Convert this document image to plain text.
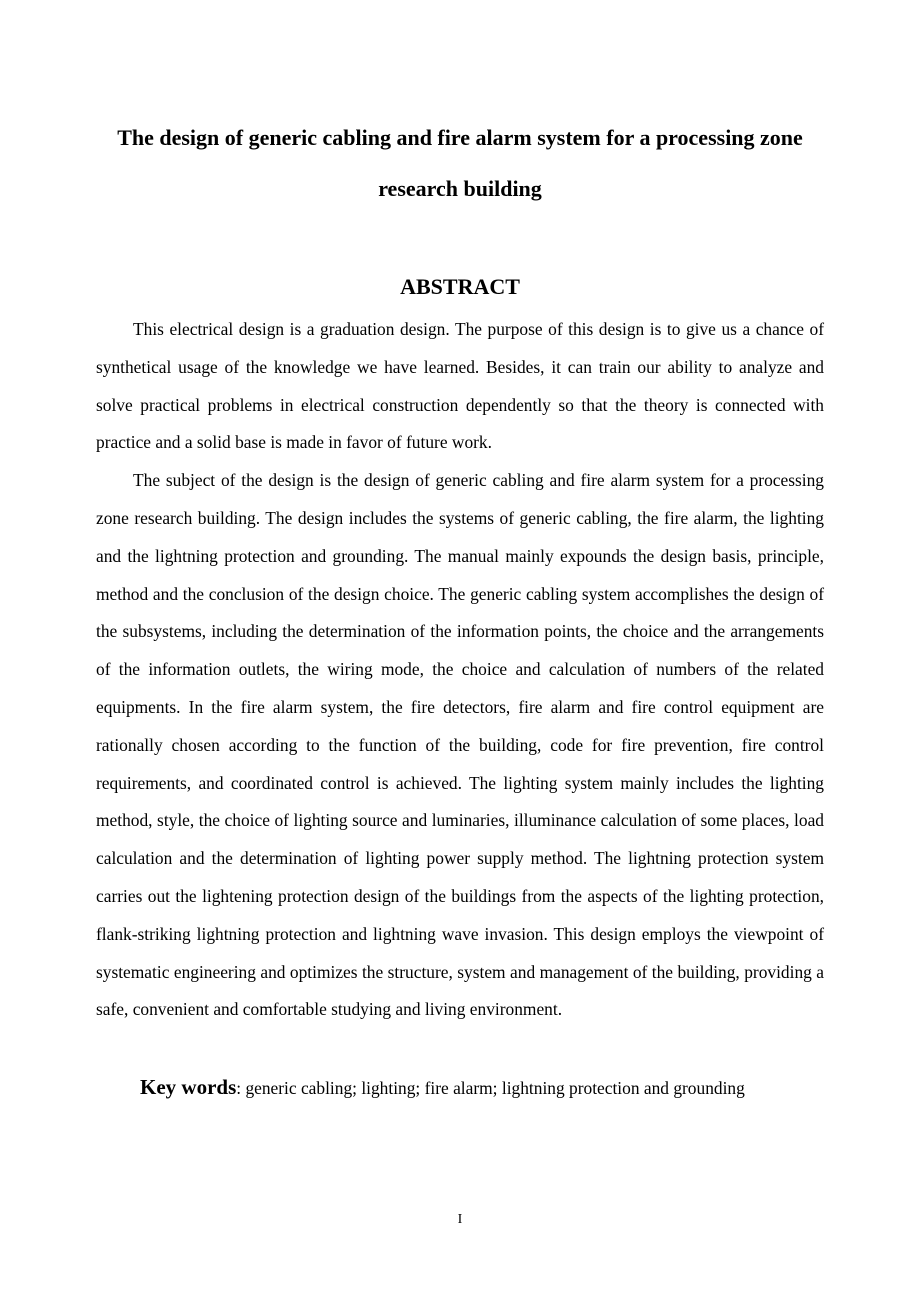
The design of generic cabling and fire alarm system for a processing zone
research building
ABSTRACT

This electrical design is a graduation design. The purpose of this design is to give us a chance of synthetical usage of the knowledge we have learned. Besides, it can train our ability to analyze and solve practical problems in electrical construction dependently so that the theory is connected with practice and a solid base is made in favor of future work.

The subject of the design is the design of generic cabling and fire alarm system for a processing zone research building. The design includes the systems of generic cabling, the fire alarm, the lighting and the lightning protection and grounding. The manual mainly expounds the design basis, principle, method and the conclusion of the design choice. The generic cabling system accomplishes the design of the subsystems, including the determination of the information points, the choice and the arrangements of the information outlets, the wiring mode, the choice and calculation of numbers of the related equipments. In the fire alarm system, the fire detectors, fire alarm and fire control equipment are rationally chosen according to the function of the building, code for fire prevention, fire control requirements, and coordinated control is achieved. The lighting system mainly includes the lighting method, style, the choice of lighting source and luminaries, illuminance calculation of some places, load calculation and the determination of lighting power supply method. The lightning protection system carries out the lightening protection design of the buildings from the aspects of the lighting protection, flank-striking lightning protection and lightning wave invasion. This design employs the viewpoint of systematic engineering and optimizes the structure, system and management of the building, providing a safe, convenient and comfortable studying and living environment.

Key words: generic cabling; lighting; fire alarm; lightning protection and grounding

I
